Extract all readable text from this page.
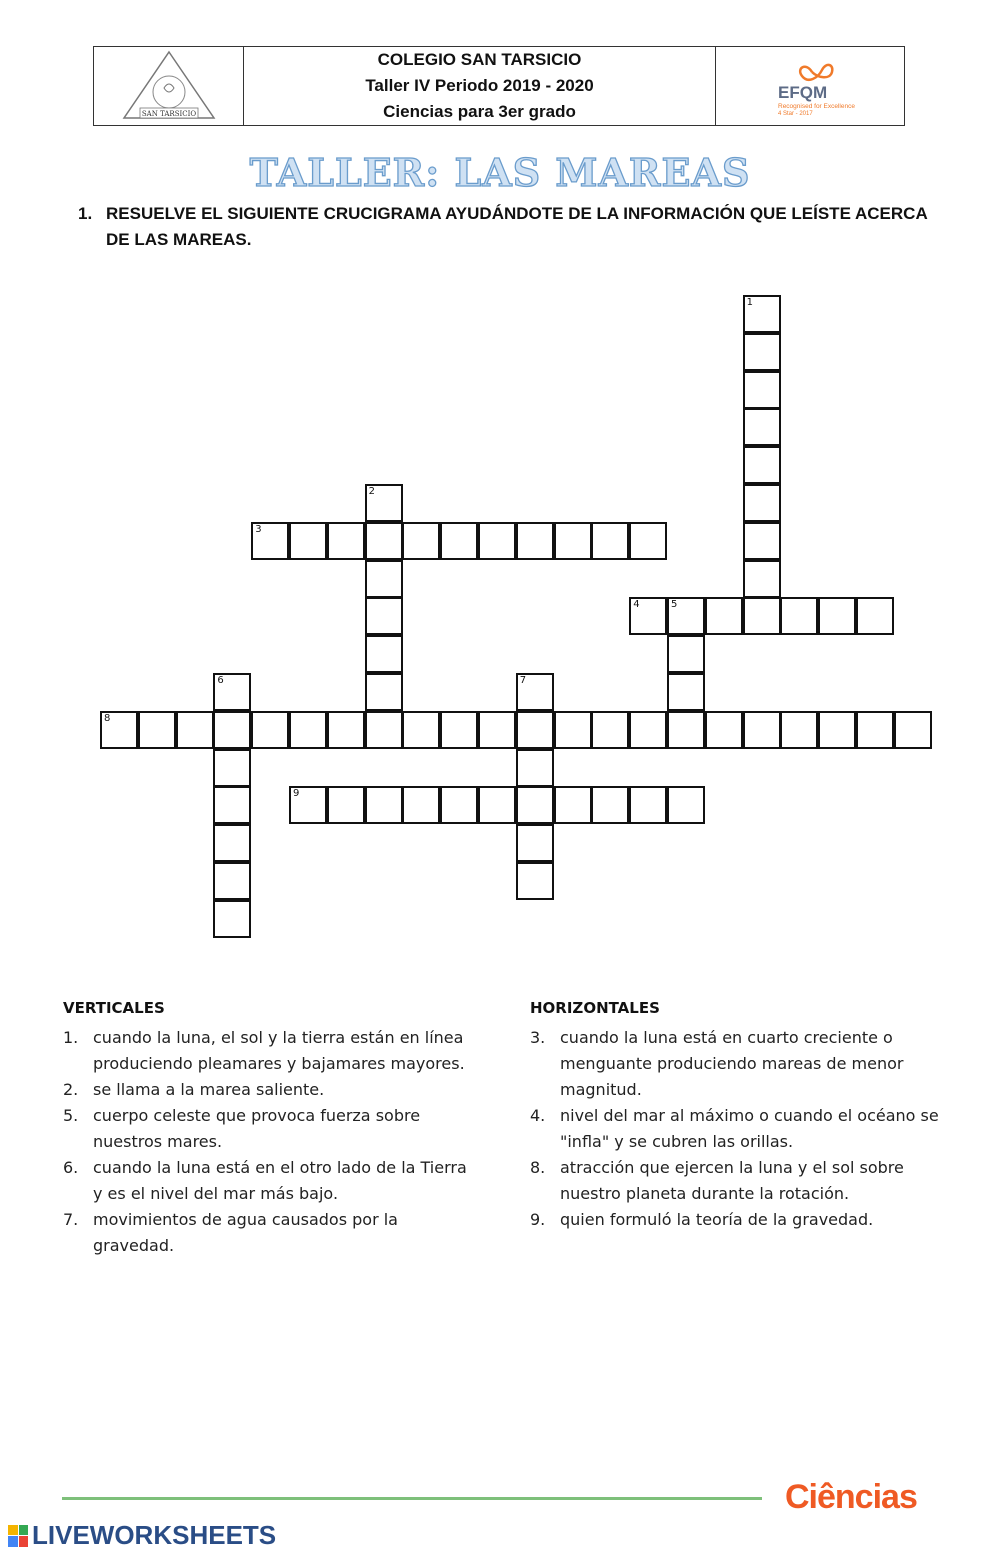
SAN TARSICIO
COLEGIO SAN TARSICIO
Taller IV Periodo 2019 - 2020
Ciencias para 3er grado
EFQM
Recognised for Excellence
4 Star - 2017
TALLER: LAS MAREAS
1. RESUELVE EL SIGUIENTE CRUCIGRAMA AYUDÁNDOTE DE LA INFORMACIÓN QUE LEÍSTE ACERCA DE LAS MAREAS.
1
2
3
4	5
6	7
8
9
VERTICALES
1. cuando la luna, el sol y la tierra están en línea produciendo pleamares y bajamares mayores.
2. se llama a la marea saliente.
5. cuerpo celeste que provoca fuerza sobre nuestros mares.
6. cuando la luna está en el otro lado de la Tierra y es el nivel del mar más bajo.
7. movimientos de agua causados por la gravedad.
HORIZONTALES
3. cuando la luna está en cuarto creciente o menguante produciendo mareas de menor magnitud.
4. nivel del mar al máximo o cuando el océano se "infla" y se cubren las orillas.
8. atracción que ejercen la luna y el sol sobre nuestro planeta durante la rotación.
9. quien formuló la teoría de la gravedad.
Ciências
LIVEWORKSHEETS
